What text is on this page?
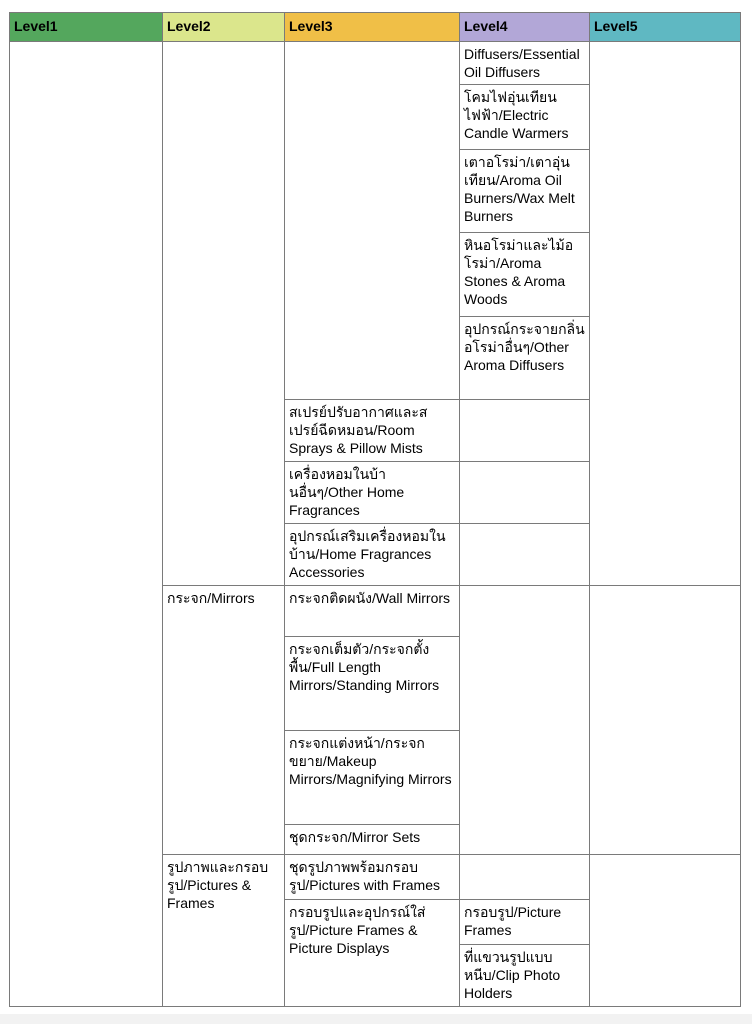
Level1	Level2	Level3	Level4	Level5
			Diffusers/Essential Oil Diffusers	
			โคมไฟอุ่นเทียนไฟฟ้า/Electric Candle Warmers	
			เตาอโรม่า/เตาอุ่นเทียน/Aroma Oil Burners/Wax Melt Burners	
			หินอโรม่าและไม้อโรม่า/Aroma Stones & Aroma Woods	
			อุปกรณ์กระจายกลิ่นอโรม่าอื่นๆ/Other Aroma Diffusers	
		สเปรย์ปรับอากาศและสเปรย์ฉีดหมอน/Room Sprays & Pillow Mists		
		เครื่องหอมในบ้านอื่นๆ/Other Home Fragrances		
		อุปกรณ์เสริมเครื่องหอมในบ้าน/Home Fragrances Accessories		
	กระจก/Mirrors	กระจกติดผนัง/Wall Mirrors		
		กระจกเต็มตัว/กระจกตั้งพื้น/Full Length Mirrors/Standing Mirrors		
		กระจกแต่งหน้า/กระจกขยาย/Makeup Mirrors/Magnifying Mirrors		
		ชุดกระจก/Mirror Sets		
	รูปภาพและกรอบรูป/Pictures & Frames	ชุดรูปภาพพร้อมกรอบรูป/Pictures with Frames		
		กรอบรูปและอุปกรณ์ใส่รูป/Picture Frames & Picture Displays	กรอบรูป/Picture Frames	
			ที่แขวนรูปแบบหนีบ/Clip Photo Holders	
